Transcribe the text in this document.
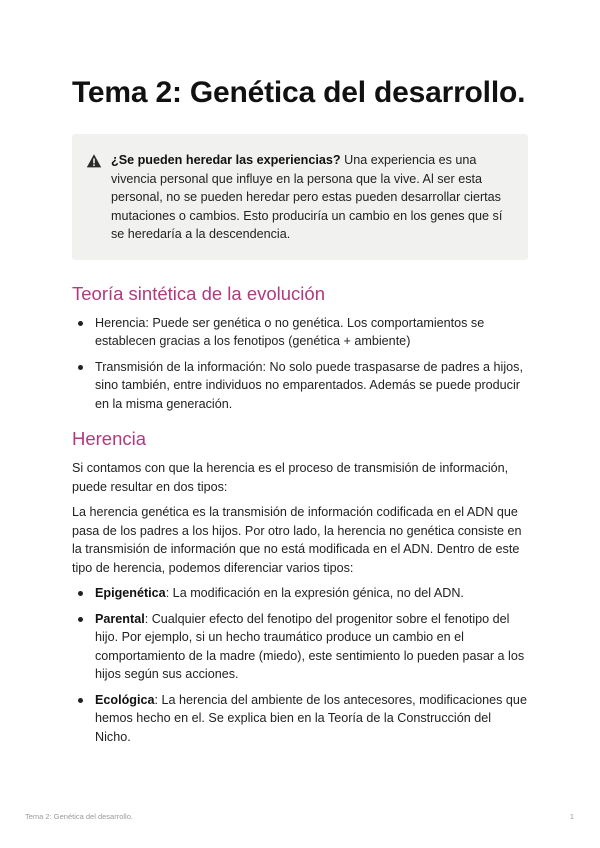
Tema 2: Genética del desarrollo.
¿Se pueden heredar las experiencias? Una experiencia es una vivencia personal que influye en la persona que la vive. Al ser esta personal, no se pueden heredar pero estas pueden desarrollar ciertas mutaciones o cambios. Esto produciría un cambio en los genes que sí se heredaría a la descendencia.
Teoría sintética de la evolución
Herencia: Puede ser genética o no genética. Los comportamientos se establecen gracias a los fenotipos (genética + ambiente)
Transmisión de la información: No solo puede traspasarse de padres a hijos, sino también, entre individuos no emparentados. Además se puede producir en la misma generación.
Herencia

Si contamos con que la herencia es el proceso de transmisión de información, puede resultar en dos tipos:

La herencia genética es la transmisión de información codificada en el ADN que pasa de los padres a los hijos. Por otro lado, la herencia no genética consiste en la transmisión de información que no está modificada en el ADN. Dentro de este tipo de herencia, podemos diferenciar varios tipos:

Epigenética: La modificación en la expresión génica, no del ADN.
Parental: Cualquier efecto del fenotipo del progenitor sobre el fenotipo del hijo. Por ejemplo, si un hecho traumático produce un cambio en el comportamiento de la madre (miedo), este sentimiento lo pueden pasar a los hijos según sus acciones.
Ecológica: La herencia del ambiente de los antecesores, modificaciones que hemos hecho en el. Se explica bien en la Teoría de la Construcción del Nicho.
Tema 2: Genética del desarrollo.	1
